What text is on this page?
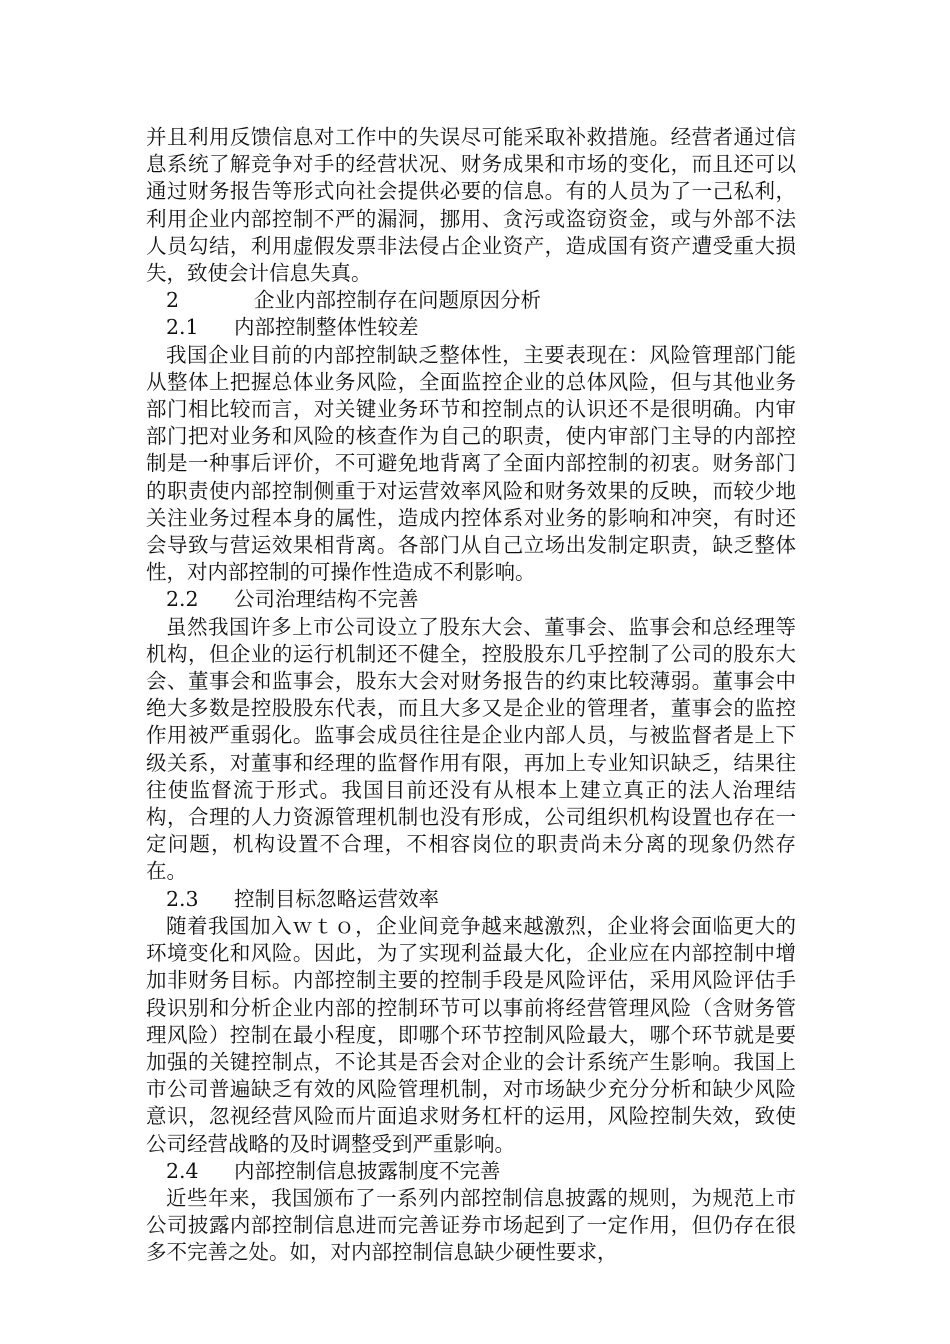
并且利用反馈信息对工作中的失误尽可能采取补救措施。经营者通过信息系统了解竞争对手的经营状况、财务成果和市场的变化，而且还可以通过财务报告等形式向社会提供必要的信息。有的人员为了一己私利，利用企业内部控制不严的漏洞，挪用、贪污或盗窃资金，或与外部不法人员勾结，利用虚假发票非法侵占企业资产，造成国有资产遭受重大损失，致使会计信息失真。

2	企业内部控制存在问题原因分析
2.1 内部控制整体性较差

我国企业目前的内部控制缺乏整体性，主要表现在：风险管理部门能从整体上把握总体业务风险，全面监控企业的总体风险，但与其他业务部门相比较而言，对关键业务环节和控制点的认识还不是很明确。内审部门把对业务和风险的核查作为自己的职责，使内审部门主导的内部控制是一种事后评价，不可避免地背离了全面内部控制的初衷。财务部门的职责使内部控制侧重于对运营效率风险和财务效果的反映，而较少地关注业务过程本身的属性，造成内控体系对业务的影响和冲突，有时还会导致与营运效果相背离。各部门从自己立场出发制定职责，缺乏整体性，对内部控制的可操作性造成不利影响。

2.2 公司治理结构不完善

虽然我国许多上市公司设立了股东大会、董事会、监事会和总经理等机构，但企业的运行机制还不健全，控股股东几乎控制了公司的股东大会、董事会和监事会，股东大会对财务报告的约束比较薄弱。董事会中绝大多数是控股股东代表，而且大多又是企业的管理者，董事会的监控作用被严重弱化。监事会成员往往是企业内部人员，与被监督者是上下级关系，对董事和经理的监督作用有限，再加上专业知识缺乏，结果往往使监督流于形式。我国目前还没有从根本上建立真正的法人治理结构，合理的人力资源管理机制也没有形成，公司组织机构设置也存在一定问题，机构设置不合理，不相容岗位的职责尚未分离的现象仍然存在。

2.3 控制目标忽略运营效率

随着我国加入ｗｔｏ，企业间竞争越来越激烈，企业将会面临更大的环境变化和风险。因此，为了实现利益最大化，企业应在内部控制中增加非财务目标。内部控制主要的控制手段是风险评估，采用风险评估手段识别和分析企业内部的控制环节可以事前将经营管理风险（含财务管理风险）控制在最小程度，即哪个环节控制风险最大，哪个环节就是要加强的关键控制点，不论其是否会对企业的会计系统产生影响。我国上市公司普遍缺乏有效的风险管理机制，对市场缺少充分分析和缺少风险意识，忽视经营风险而片面追求财务杠杆的运用，风险控制失效，致使公司经营战略的及时调整受到严重影响。

2.4 内部控制信息披露制度不完善

近些年来，我国颁布了一系列内部控制信息披露的规则，为规范上市公司披露内部控制信息进而完善证券市场起到了一定作用，但仍存在很多不完善之处。如，对内部控制信息缺少硬性要求，
